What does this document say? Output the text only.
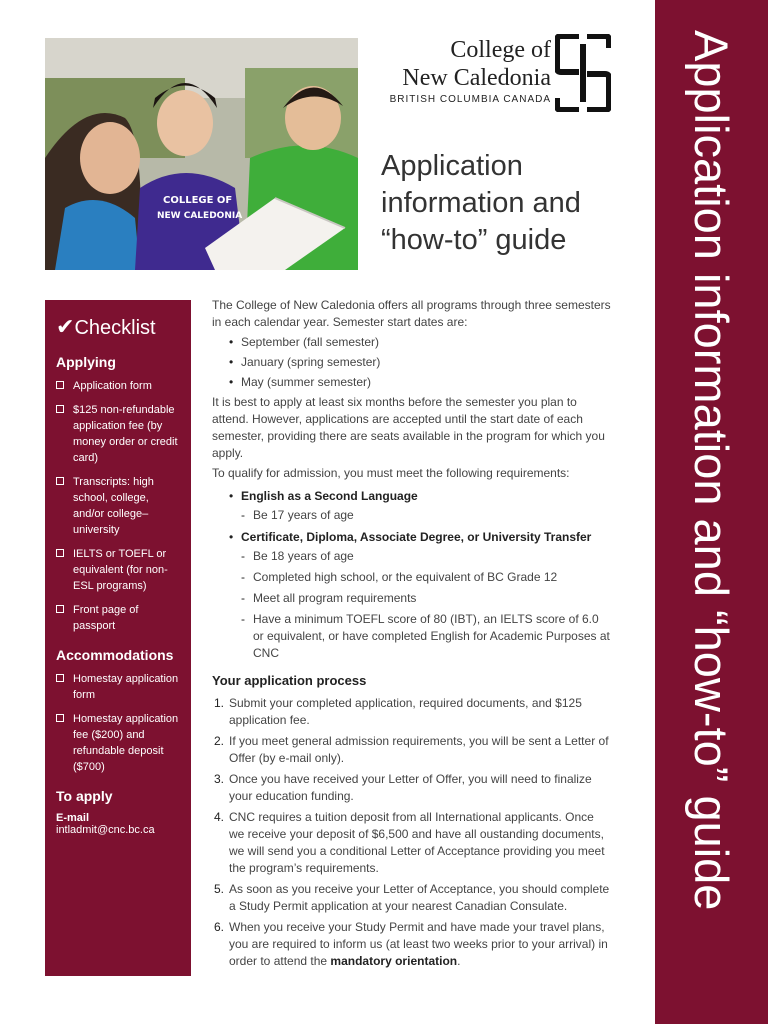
COLLEGE OF
NEW CALEDONIA
College of
New Caledonia
BRITISH COLUMBIA CANADA
Application
information and
“how-to” guide	Application information and “how-to” guide
✔Checklist
Applying
Application form
$125 non-refundable application fee (by money order or credit card)
Transcripts: high school, college, and/or college–university
IELTS or TOEFL or equivalent (for non-ESL programs)
Front page of passport
Accommodations
Homestay application form
Homestay application fee ($200) and refundable deposit ($700)
To apply
E-mail
intladmit@cnc.bc.ca

The College of New Caledonia offers all programs through three semesters in each calendar year. Semester start dates are:

• September (fall semester)
• January (spring semester)
• May (summer semester)

It is best to apply at least six months before the semester you plan to attend. However, applications are accepted until the start date of each semester, providing there are seats available in the program for which you apply.

To qualify for admission, you must meet the following requirements:

• English as a Second Language
- Be 17 years of age
• Certificate, Diploma, Associate Degree, or University Transfer
- Be 18 years of age
- Completed high school, or the equivalent of BC Grade 12
- Meet all program requirements
- Have a minimum TOEFL score of 80 (IBT), an IELTS score of 6.0 or equivalent, or have completed English for Academic Purposes at CNC
Your application process
1. Submit your completed application, required documents, and $125 application fee.
2. If you meet general admission requirements, you will be sent a Letter of Offer (by e-mail only).
3. Once you have received your Letter of Offer, you will need to finalize your education funding.
4. CNC requires a tuition deposit from all International applicants. Once we receive your deposit of $6,500 and have all oustanding documents, we will send you a conditional Letter of Acceptance providing you meet the program’s requirements.
5. As soon as you receive your Letter of Acceptance, you should complete a Study Permit application at your nearest Canadian Consulate.
6. When you receive your Study Permit and have made your travel plans, you are required to inform us (at least two weeks prior to your arrival) in order to attend the mandatory orientation.
